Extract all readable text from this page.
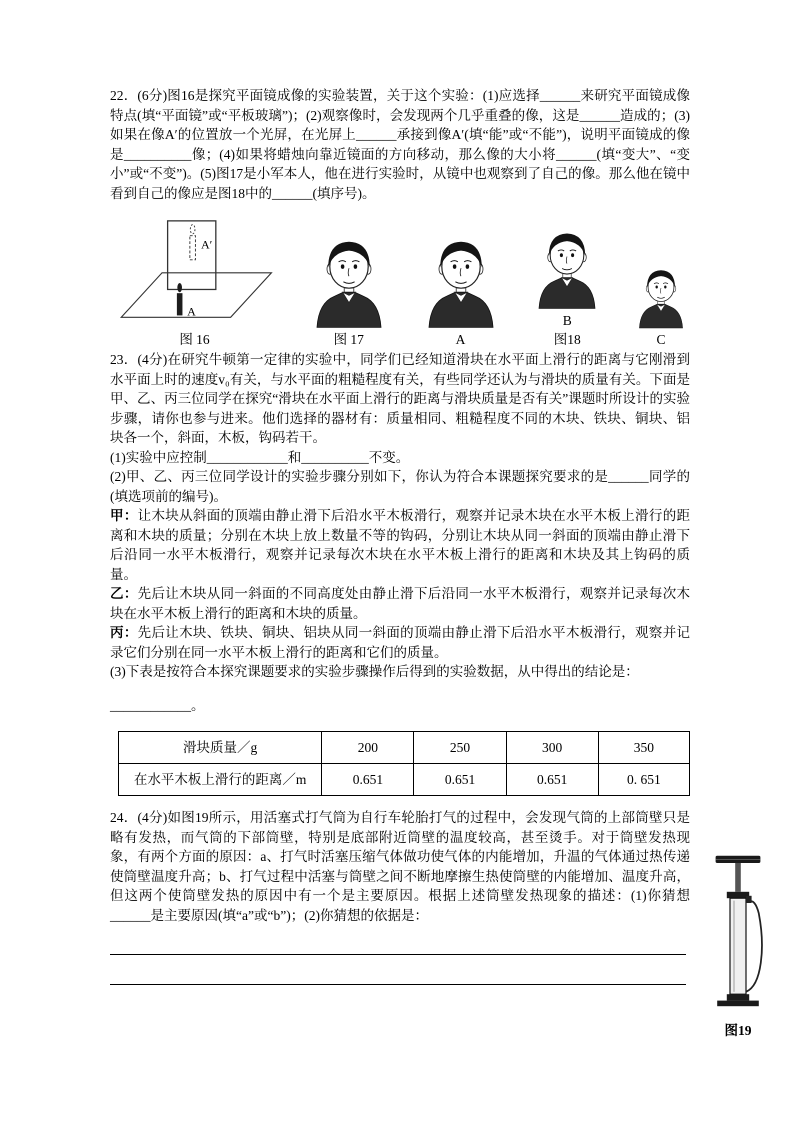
22．(6分)图16是探究平面镜成像的实验装置，关于这个实验：(1)应选择______来研究平面镜成像特点(填“平面镜”或“平板玻璃”)；(2)观察像时，会发现两个几乎重叠的像，这是______造成的；(3)如果在像A′的位置放一个光屏，在光屏上______承接到像A′(填“能”或“不能”)，说明平面镜成的像是__________像；(4)如果将蜡烛向靠近镜面的方向移动，那么像的大小将______(填“变大”、“变小”或“不变”)。(5)图17是小军本人，他在进行实验时，从镜中也观察到了自己的像。那么他在镜中看到自己的像应是图18中的______(填序号)。

A′
A
图 16	图 17	A
B
图18	C

23．(4分)在研究牛顿第一定律的实验中，同学们已经知道滑块在水平面上滑行的距离与它刚滑到水平面上时的速度v₀有关，与水平面的粗糙程度有关，有些同学还认为与滑块的质量有关。下面是甲、乙、丙三位同学在探究“滑块在水平面上滑行的距离与滑块质量是否有关”课题时所设计的实验步骤，请你也参与进来。他们选择的器材有：质量相同、粗糙程度不同的木块、铁块、铜块、铝块各一个，斜面，木板，钩码若干。

(1)实验中应控制____________和__________不变。

(2)甲、乙、丙三位同学设计的实验步骤分别如下，你认为符合本课题探究要求的是______同学的(填选项前的编号)。

甲：让木块从斜面的顶端由静止滑下后沿水平木板滑行，观察并记录木块在水平木板上滑行的距离和木块的质量；分别在木块上放上数量不等的钩码，分别让木块从同一斜面的顶端由静止滑下后沿同一水平木板滑行，观察并记录每次木块在水平木板上滑行的距离和木块及其上钩码的质量。

乙：先后让木块从同一斜面的不同高度处由静止滑下后沿同一水平木板滑行，观察并记录每次木块在水平木板上滑行的距离和木块的质量。

丙：先后让木块、铁块、铜块、铝块从同一斜面的顶端由静止滑下后沿水平木板滑行，观察并记录它们分别在同一水平木板上滑行的距离和它们的质量。

(3)下表是按符合本探究课题要求的实验步骤操作后得到的实验数据，从中得出的结论是：

____________。

滑块质量／g	200	250	300	350
在水平木板上滑行的距离／m	0.651	0.651	0.651	0. 651

24．(4分)如图19所示，用活塞式打气筒为自行车轮胎打气的过程中，会发现气筒的上部筒壁只是略有发热，而气筒的下部筒壁，特别是底部附近筒壁的温度较高，甚至烫手。对于筒壁发热现象，有两个方面的原因：a、打气时活塞压缩气体做功使气体的内能增加，升温的气体通过热传递使筒壁温度升高；b、打气过程中活塞与筒壁之间不断地摩擦生热使筒壁的内能增加、温度升高，但这两个使筒壁发热的原因中有一个是主要原因。根据上述筒壁发热现象的描述：(1)你猜想______是主要原因(填“a”或“b”)；(2)你猜想的依据是：

图19
